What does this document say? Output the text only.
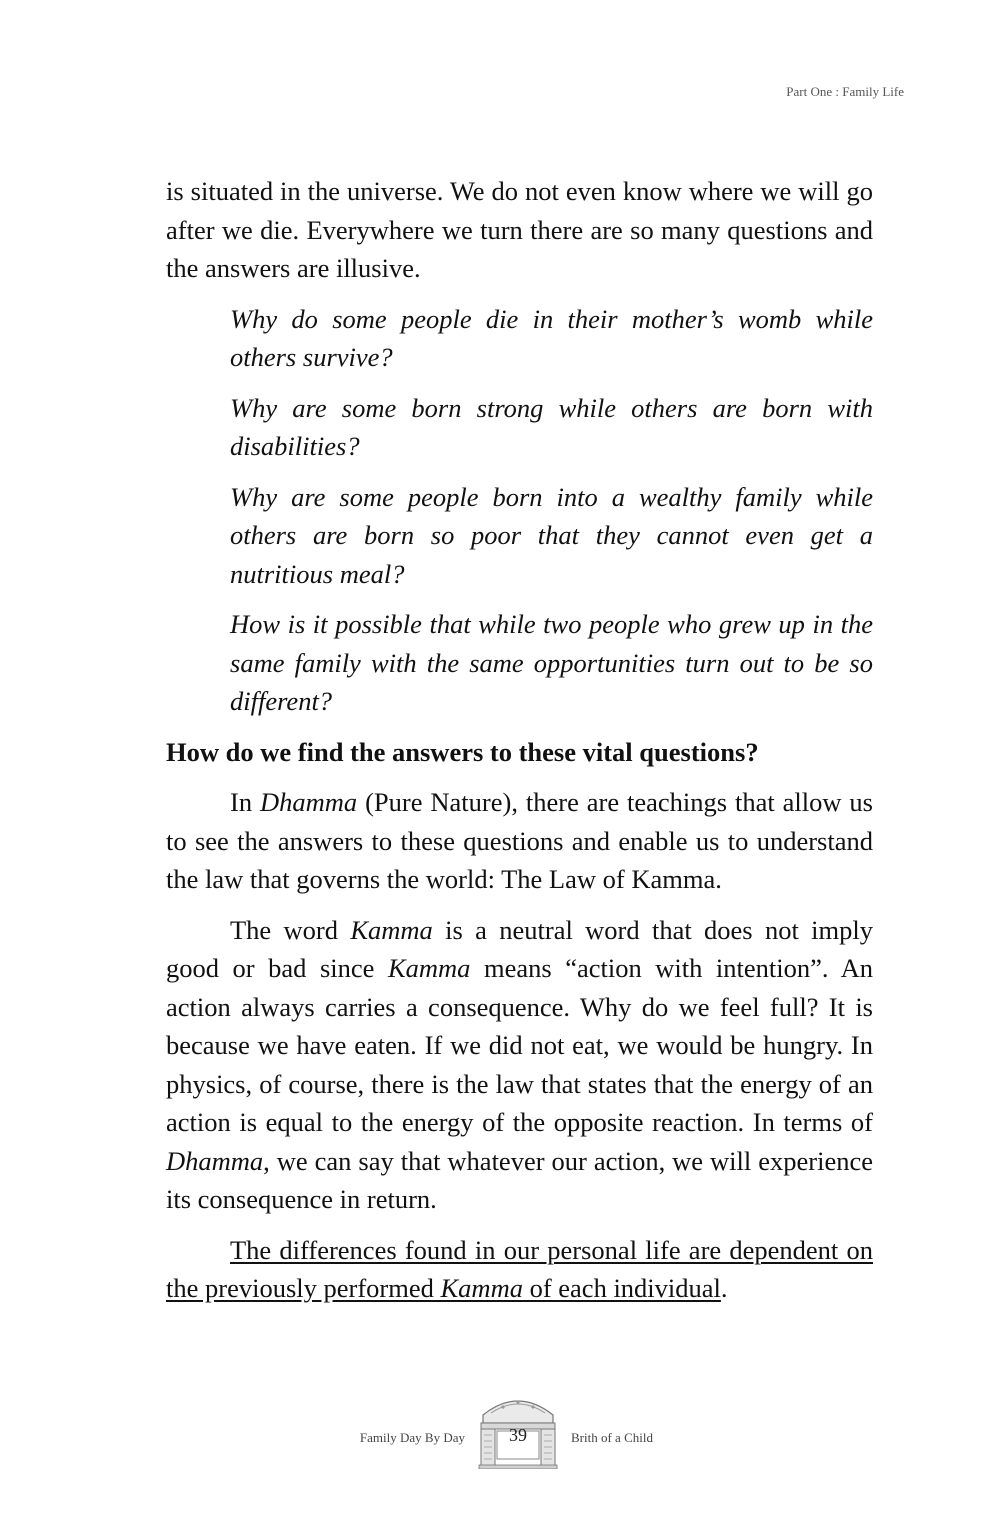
Part One : Family Life

is situated in the universe. We do not even know where we will go after we die. Everywhere we turn there are so many questions and the answers are illusive.

Why do some people die in their mother’s womb while others survive?

Why are some born strong while others are born with disabilities?

Why are some people born into a wealthy family while others are born so poor that they cannot even get a nutritious meal?

How is it possible that while two people who grew up in the same family with the same opportunities turn out to be so different?

How do we find the answers to these vital questions?

In Dhamma (Pure Nature), there are teachings that allow us to see the answers to these questions and enable us to understand the law that governs the world: The Law of Kamma.

The word Kamma is a neutral word that does not imply good or bad since Kamma means “action with intention”. An action always carries a consequence. Why do we feel full? It is because we have eaten. If we did not eat, we would be hungry. In physics, of course, there is the law that states that the energy of an action is equal to the energy of the opposite reaction. In terms of Dhamma, we can say that whatever our action, we will experience its consequence in return.

The differences found in our personal life are dependent on the previously performed Kamma of each individual.

Family Day By Day	39	Brith of a Child
